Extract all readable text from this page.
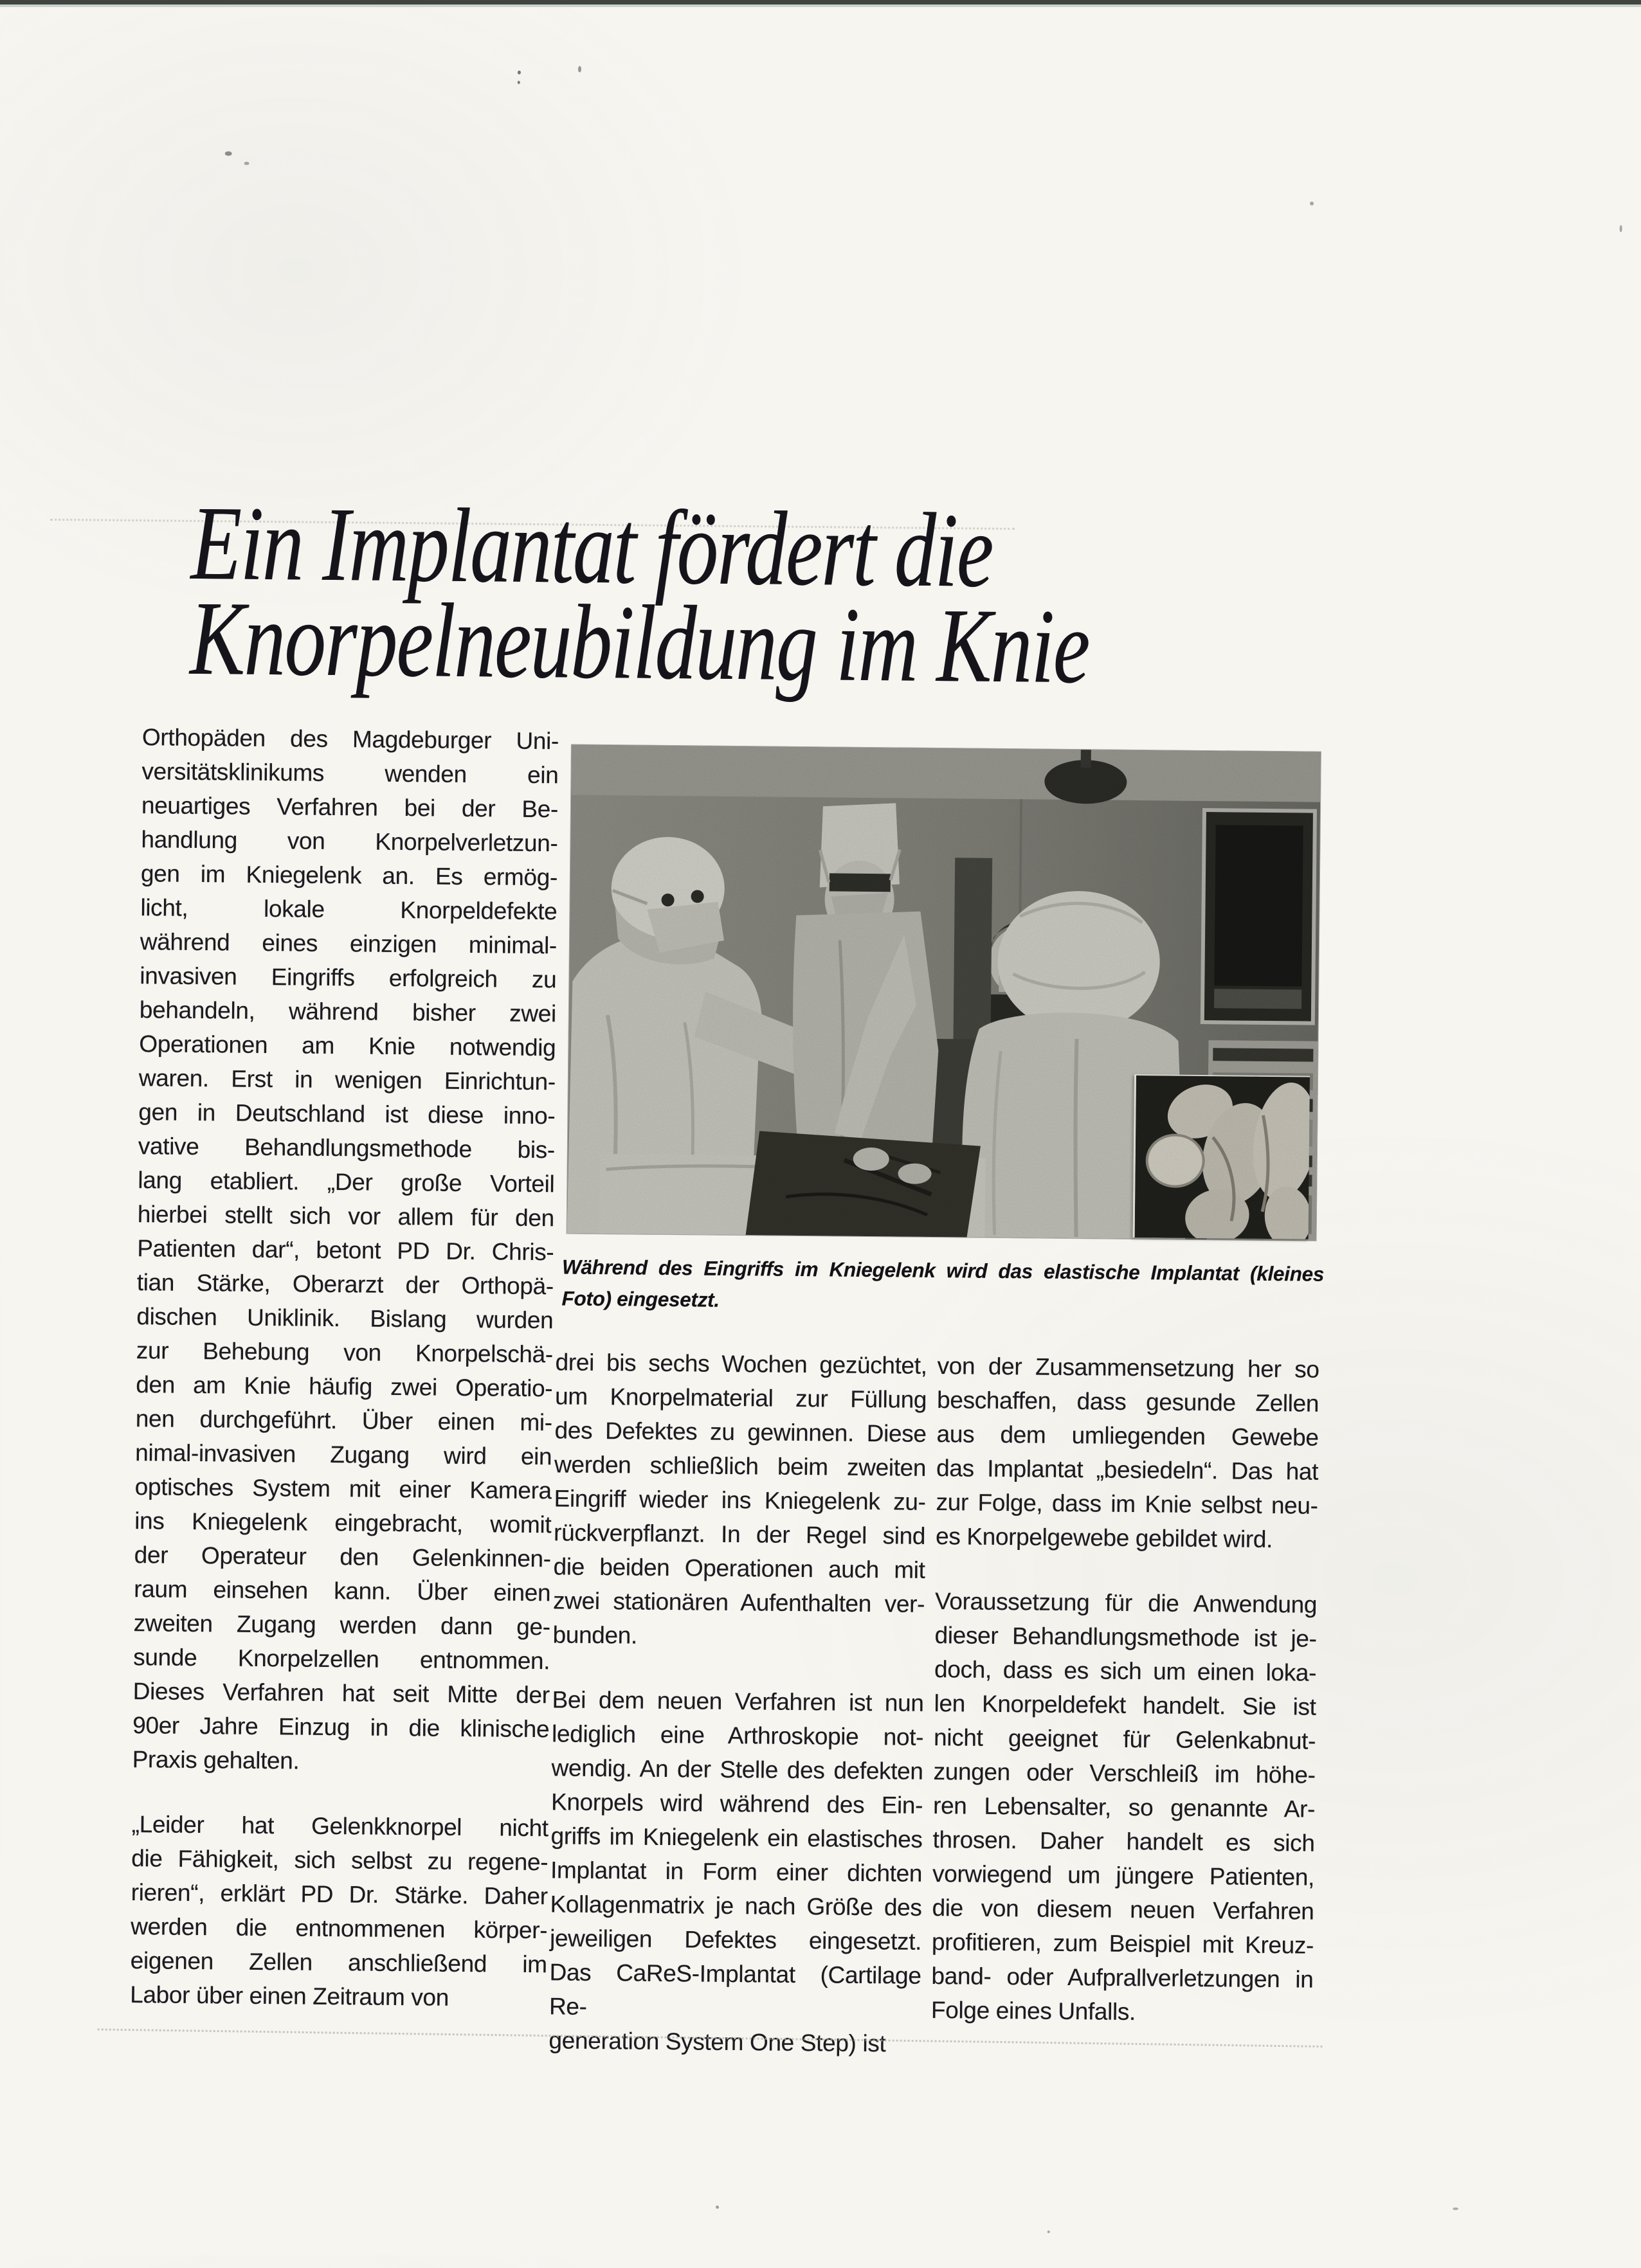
Ein Implantat fördert die
Knorpelneubildung im Knie
Orthopäden des Magdeburger Uni-
versitätsklinikums wenden ein
neuartiges Verfahren bei der Be-
handlung von Knorpelverletzun-
gen im Kniegelenk an. Es ermög-
licht, lokale Knorpeldefekte
während eines einzigen minimal-
invasiven Eingriffs erfolgreich zu
behandeln, während bisher zwei
Operationen am Knie notwendig
waren. Erst in wenigen Einrichtun-
gen in Deutschland ist diese inno-
vative Behandlungsmethode bis-
lang etabliert. „Der große Vorteil
hierbei stellt sich vor allem für den
Patienten dar“, betont PD Dr. Chris-
tian Stärke, Oberarzt der Orthopä-
dischen Uniklinik. Bislang wurden
zur Behebung von Knorpelschä-
den am Knie häufig zwei Operatio-
nen durchgeführt. Über einen mi-
nimal-invasiven Zugang wird ein
optisches System mit einer Kamera
ins Kniegelenk eingebracht, womit
der Operateur den Gelenkinnen-
raum einsehen kann. Über einen
zweiten Zugang werden dann ge-
sunde Knorpelzellen entnommen.
Dieses Verfahren hat seit Mitte der
90er Jahre Einzug in die klinische
Praxis gehalten.
„Leider hat Gelenkknorpel nicht
die Fähigkeit, sich selbst zu regene-
rieren“, erklärt PD Dr. Stärke. Daher
werden die entnommenen körper-
eigenen Zellen anschließend im
Labor über einen Zeitraum von
drei bis sechs Wochen gezüchtet,
um Knorpelmaterial zur Füllung
des Defektes zu gewinnen. Diese
werden schließlich beim zweiten
Eingriff wieder ins Kniegelenk zu-
rückverpflanzt. In der Regel sind
die beiden Operationen auch mit
zwei stationären Aufenthalten ver-
bunden.
Bei dem neuen Verfahren ist nun
lediglich eine Arthroskopie not-
wendig. An der Stelle des defekten
Knorpels wird während des Ein-
griffs im Kniegelenk ein elastisches
Implantat in Form einer dichten
Kollagenmatrix je nach Größe des
jeweiligen Defektes eingesetzt.
Das CaReS-Implantat (Cartilage Re-
generation System One Step) ist
von der Zusammensetzung her so
beschaffen, dass gesunde Zellen
aus dem umliegenden Gewebe
das Implantat „besiedeln“. Das hat
zur Folge, dass im Knie selbst neu-
es Knorpelgewebe gebildet wird.
Voraussetzung für die Anwendung
dieser Behandlungsmethode ist je-
doch, dass es sich um einen loka-
len Knorpeldefekt handelt. Sie ist
nicht geeignet für Gelenkabnut-
zungen oder Verschleiß im höhe-
ren Lebensalter, so genannte Ar-
throsen. Daher handelt es sich
vorwiegend um jüngere Patienten,
die von diesem neuen Verfahren
profitieren, zum Beispiel mit Kreuz-
band- oder Aufprallverletzungen in
Folge eines Unfalls.
Während des Eingriffs im Kniegelenk wird das elastische Implantat (kleines
Foto) eingesetzt.
